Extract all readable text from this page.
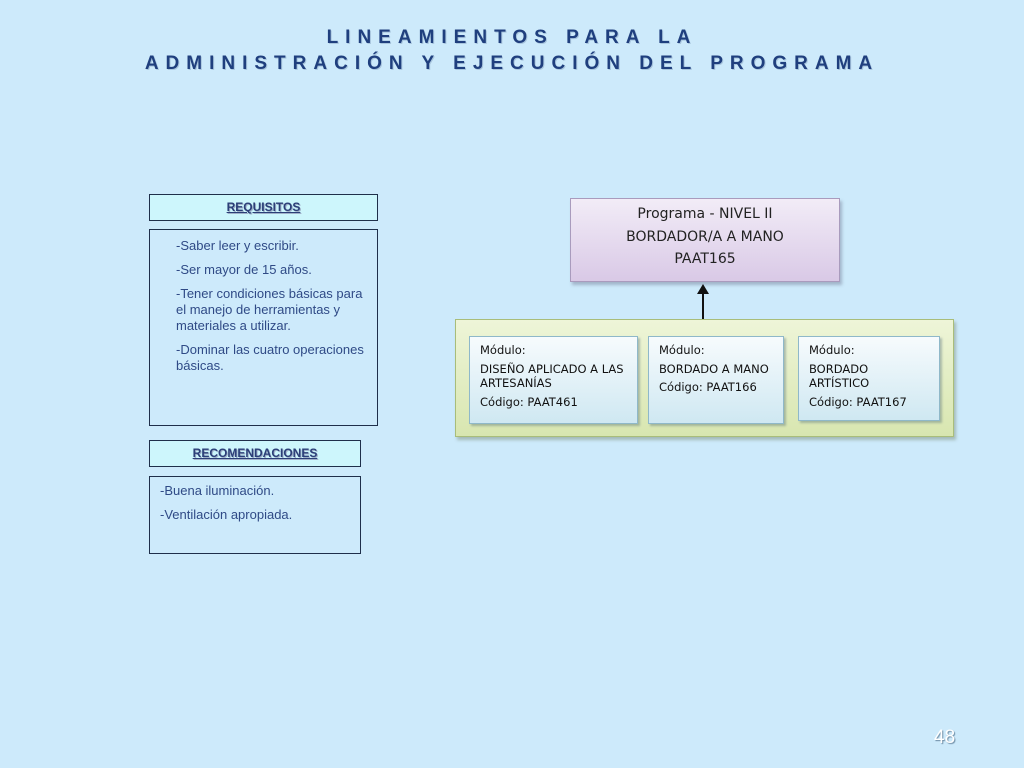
LINEAMIENTOS PARA LA
ADMINISTRACIÓN Y EJECUCIÓN DEL PROGRAMA
REQUISITOS

-Saber leer y escribir.

-Ser mayor de 15 años.

-Tener condiciones básicas para el manejo de herramientas y materiales a utilizar.

-Dominar las cuatro operaciones básicas.

RECOMENDACIONES

-Buena iluminación.

-Ventilación apropiada.

Programa - NIVEL II
BORDADOR/A A MANO
PAAT165
Módulo:
DISEÑO APLICADO A LAS ARTESANÍAS
Código: PAAT461
Módulo:
BORDADO A MANO
Código: PAAT166
Módulo:
BORDADO ARTÍSTICO
Código: PAAT167
48
